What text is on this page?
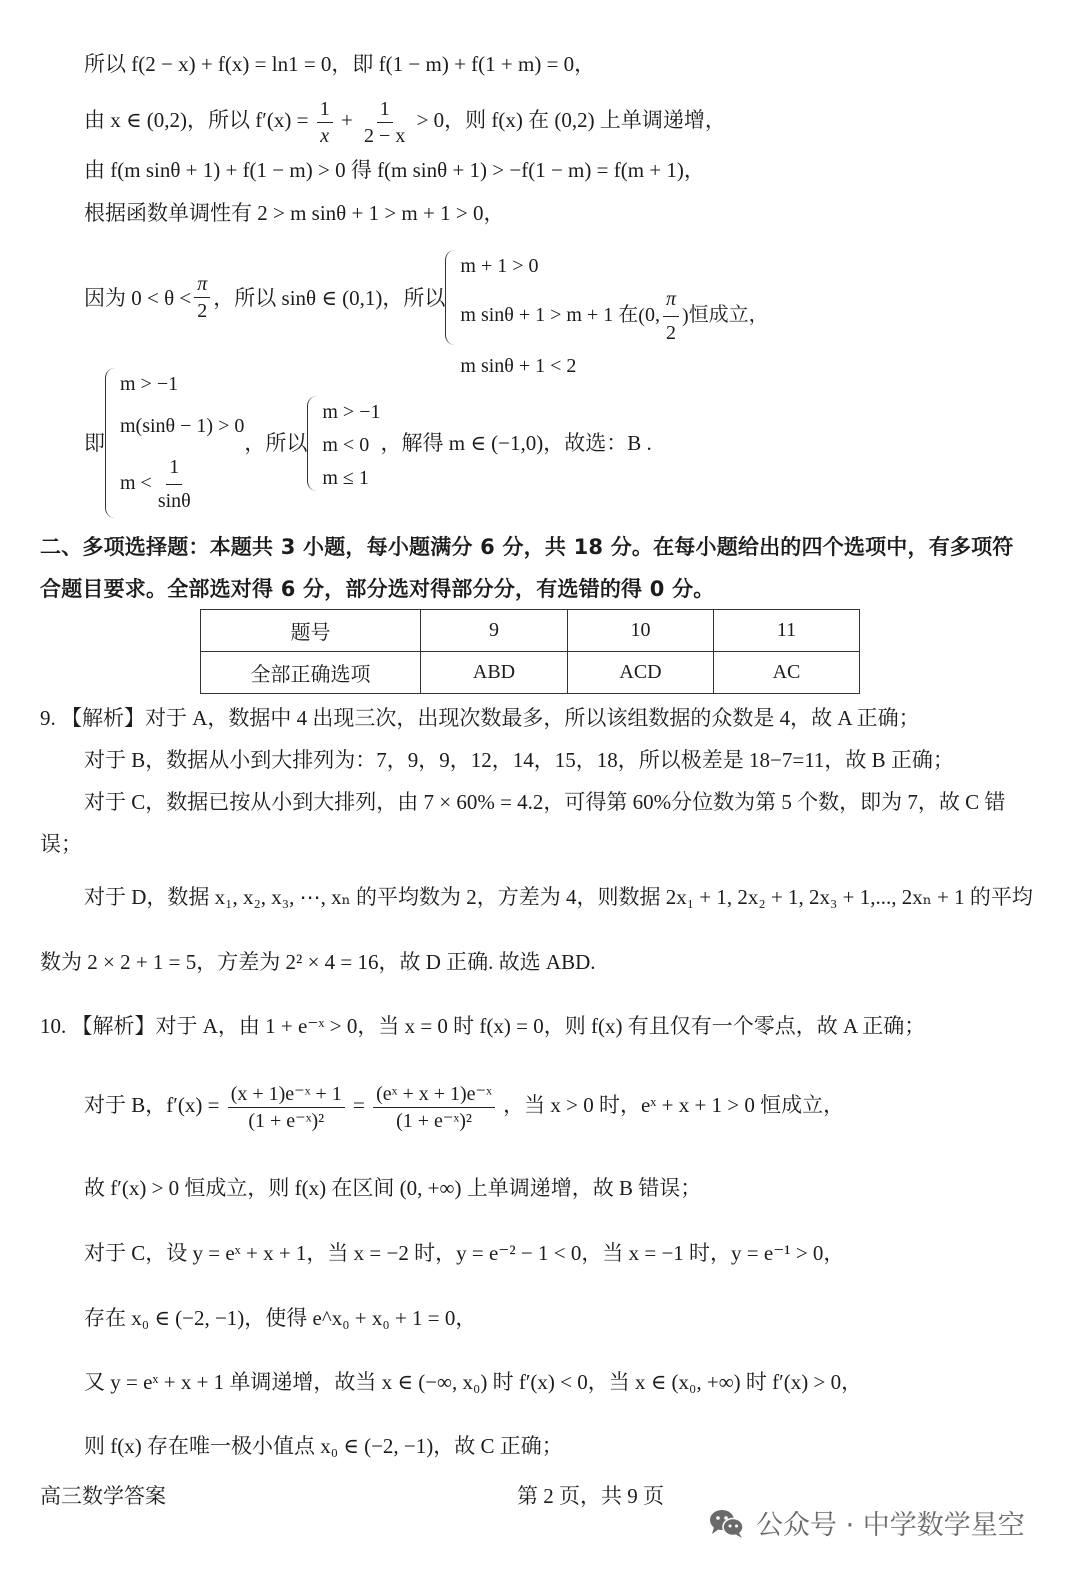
所以 f(2 − x) + f(x) = ln1 = 0，即 f(1 − m) + f(1 + m) = 0，
由 x ∈ (0,2)，所以 $f'(x) = \frac{1}{x} + \frac{1}{2 - x} > 0$，则 f(x) 在 (0,2) 上单调递增，
由 f(m sinθ + 1) + f(1 − m) > 0 得 f(m sinθ + 1) > −f(1 − m) = f(m + 1)，
根据函数单调性有 2 > m sinθ + 1 > m + 1 > 0，
因为 $0 < \theta < \frac{\pi}{2}$ ，所以 sinθ ∈ (0,1)，所以
m + 1 > 0
m sinθ + 1 > m + 1 在(0, $\frac{\pi}{2}$ )恒成立，
m sinθ + 1 < 2
即
m > −1
m(sinθ − 1) > 0
$m < \frac{1}{\sin\theta}$
，所以
m > −1
m < 0
m ≤ 1
，解得 m ∈ (−1,0)，故选：B .
二、多项选择题：本题共 3 小题，每小题满分 6 分，共 18 分。在每小题给出的四个选项中，有多项符
合题目要求。全部选对得 6 分，部分选对得部分分，有选错的得 0 分。
题号	9	10	11
全部正确选项	ABD	ACD	AC
9. 【解析】对于 A，数据中 4 出现三次，出现次数最多，所以该组数据的众数是 4，故 A 正确；
对于 B，数据从小到大排列为：7，9，9，12，14，15，18，所以极差是 18−7=11，故 B 正确；
对于 C，数据已按从小到大排列，由 7 × 60% = 4.2，可得第 60%分位数为第 5 个数，即为 7，故 C 错
误；
对于 D，数据 x₁, x₂, x₃, ⋯, xₙ 的平均数为 2，方差为 4，则数据 2x₁ + 1, 2x₂ + 1, 2x₃ + 1,..., 2xₙ + 1 的平均
数为 2 × 2 + 1 = 5，方差为 2² × 4 = 16，故 D 正确. 故选 ABD.
10. 【解析】对于 A，由 1 + e⁻ˣ > 0，当 x = 0 时 f(x) = 0，则 f(x) 有且仅有一个零点，故 A 正确；
对于 B，$f'(x) = \frac{\text{(x + 1)e⁻ˣ + 1}}{\text{(1 + e⁻ˣ)²}} = \frac{\text{(eˣ + x + 1)e⁻ˣ}}{\text{(1 + e⁻ˣ)²}}$ ，当 x > 0 时，eˣ + x + 1 > 0 恒成立，
故 f′(x) > 0 恒成立，则 f(x) 在区间 (0, +∞) 上单调递增，故 B 错误；
对于 C，设 y = eˣ + x + 1，当 x = −2 时，y = e⁻² − 1 < 0，当 x = −1 时，y = e⁻¹ > 0，
存在 x₀ ∈ (−2, −1)，使得 e^x₀ + x₀ + 1 = 0，
又 y = eˣ + x + 1 单调递增，故当 x ∈ (−∞, x₀) 时 f′(x) < 0，当 x ∈ (x₀, +∞) 时 f′(x) > 0，
则 f(x) 存在唯一极小值点 x₀ ∈ (−2, −1)，故 C 正确；
高三数学答案	第 2 页，共 9 页
公众号 · 中学数学星空
